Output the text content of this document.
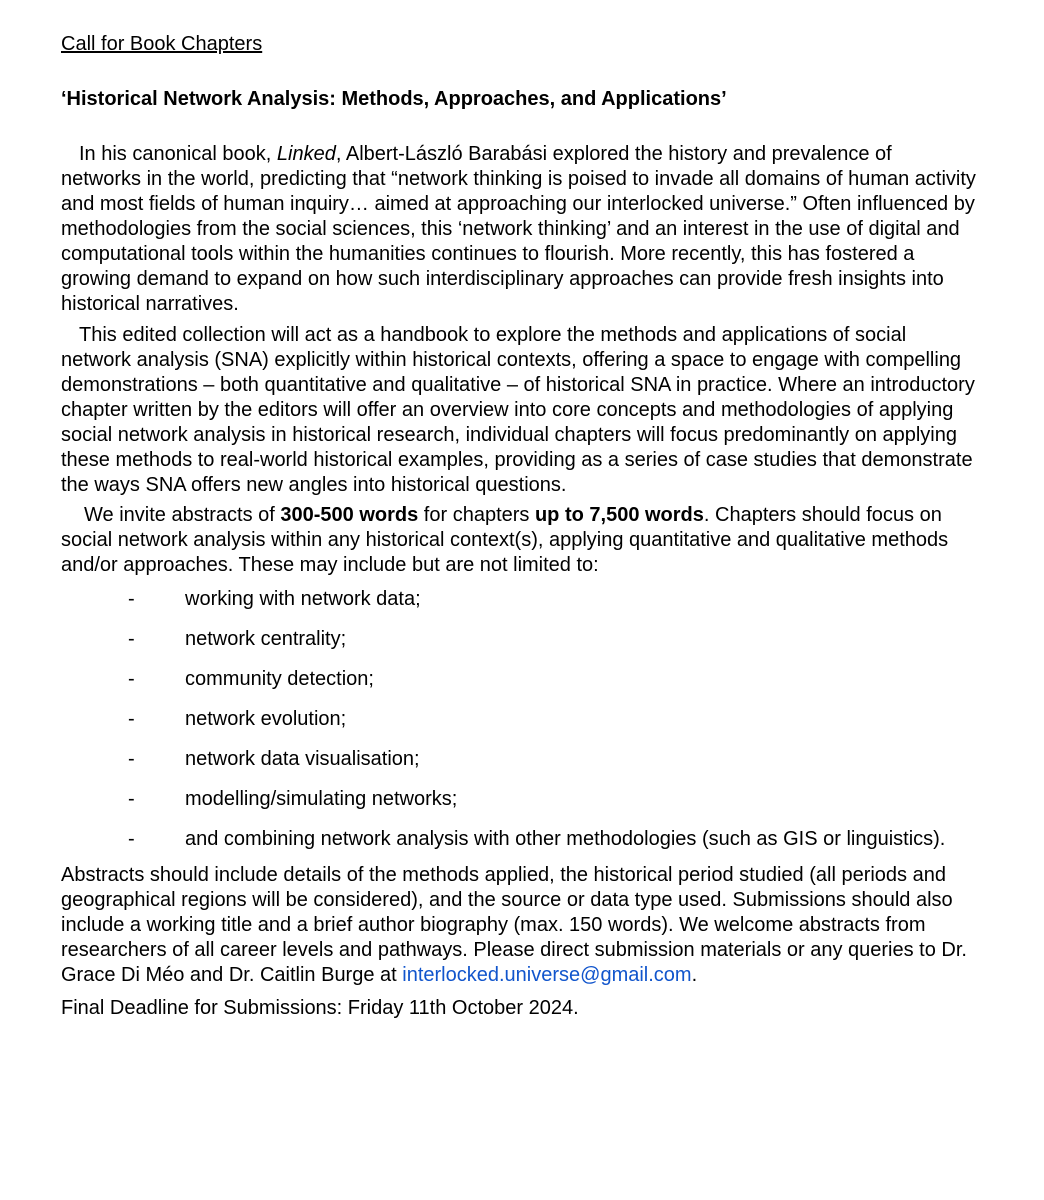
Call for Book Chapters

‘Historical Network Analysis: Methods, Approaches, and Applications’

In his canonical book, Linked, Albert-László Barabási explored the history and prevalence of networks in the world, predicting that “network thinking is poised to invade all domains of human activity and most fields of human inquiry… aimed at approaching our interlocked universe.” Often influenced by methodologies from the social sciences, this ‘network thinking’ and an interest in the use of digital and computational tools within the humanities continues to flourish. More recently, this has fostered a growing demand to expand on how such interdisciplinary approaches can provide fresh insights into historical narratives.

This edited collection will act as a handbook to explore the methods and applications of social network analysis (SNA) explicitly within historical contexts, offering a space to engage with compelling demonstrations – both quantitative and qualitative – of historical SNA in practice. Where an introductory chapter written by the editors will offer an overview into core concepts and methodologies of applying social network analysis in historical research, individual chapters will focus predominantly on applying these methods to real-world historical examples, providing as a series of case studies that demonstrate the ways SNA offers new angles into historical questions.

We invite abstracts of 300-500 words for chapters up to 7,500 words. Chapters should focus on social network analysis within any historical context(s), applying quantitative and qualitative methods and/or approaches. These may include but are not limited to:

-	working with network data;
-	network centrality;
-	community detection;
-	network evolution;
-	network data visualisation;
-	modelling/simulating networks;
-	and combining network analysis with other methodologies (such as GIS or linguistics).

Abstracts should include details of the methods applied, the historical period studied (all periods and geographical regions will be considered), and the source or data type used. Submissions should also include a working title and a brief author biography (max. 150 words). We welcome abstracts from researchers of all career levels and pathways. Please direct submission materials or any queries to Dr. Grace Di Méo and Dr. Caitlin Burge at interlocked.universe@gmail.com.

Final Deadline for Submissions: Friday 11th October 2024.
